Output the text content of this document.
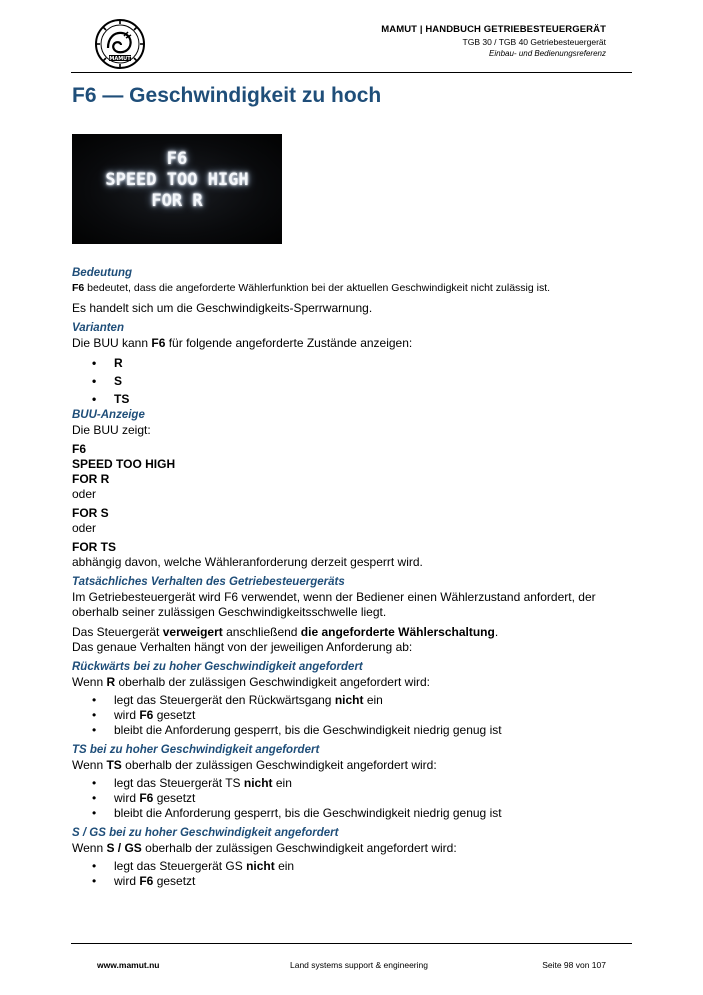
MAMUT
MAMUT | HANDBUCH GETRIEBESTEUERGERÄT
TGB 30 / TGB 40 Getriebesteuergerät
Einbau- und Bedienungsreferenz
F6 — Geschwindigkeit zu hoch
F6
SPEED TOO HIGH
FOR R

Bedeutung

F6 bedeutet, dass die angeforderte Wählerfunktion bei der aktuellen Geschwindigkeit nicht zulässig ist.

Es handelt sich um die Geschwindigkeits-Sperrwarnung.

Varianten

Die BUU kann F6 für folgende angeforderte Zustände anzeigen:

• R
• S
• TS

BUU-Anzeige

Die BUU zeigt:

F6
SPEED TOO HIGH
FOR R
oder
FOR S
oder
FOR TS
abhängig davon, welche Wähleranforderung derzeit gesperrt wird.

Tatsächliches Verhalten des Getriebesteuergeräts

Im Getriebesteuergerät wird F6 verwendet, wenn der Bediener einen Wählerzustand anfordert, der oberhalb seiner zulässigen Geschwindigkeitsschwelle liegt.

Das Steuergerät verweigert anschließend die angeforderte Wählerschaltung.

Das genaue Verhalten hängt von der jeweiligen Anforderung ab:

Rückwärts bei zu hoher Geschwindigkeit angefordert

Wenn R oberhalb der zulässigen Geschwindigkeit angefordert wird:

• legt das Steuergerät den Rückwärtsgang nicht ein
• wird F6 gesetzt
• bleibt die Anforderung gesperrt, bis die Geschwindigkeit niedrig genug ist

TS bei zu hoher Geschwindigkeit angefordert

Wenn TS oberhalb der zulässigen Geschwindigkeit angefordert wird:

• legt das Steuergerät TS nicht ein
• wird F6 gesetzt
• bleibt die Anforderung gesperrt, bis die Geschwindigkeit niedrig genug ist

S / GS bei zu hoher Geschwindigkeit angefordert

Wenn S / GS oberhalb der zulässigen Geschwindigkeit angefordert wird:

• legt das Steuergerät GS nicht ein
• wird F6 gesetzt
www.mamut.nu	Land systems support & engineering	Seite 98 von 107
